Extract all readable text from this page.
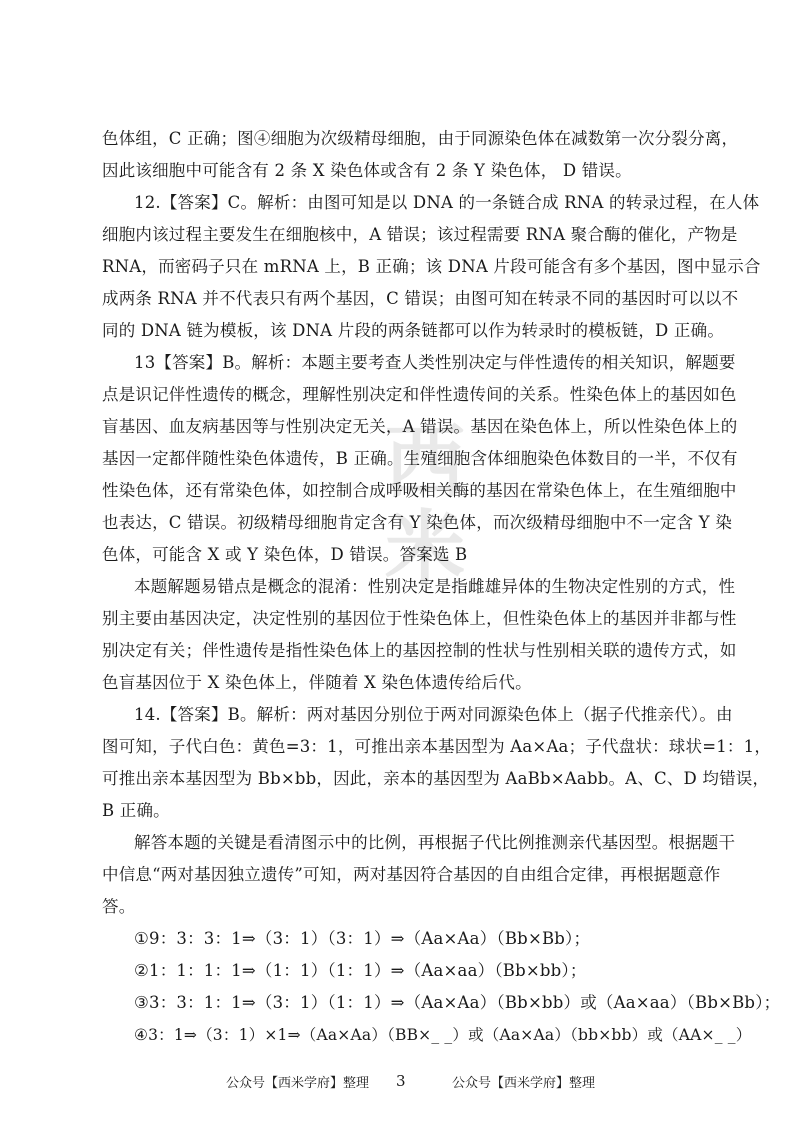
西
米
色体组，C 正确；图④细胞为次级精母细胞，由于同源染色体在减数第一次分裂分离，
因此该细胞中可能含有 2 条 X 染色体或含有 2 条 Y 染色体， D 错误。
12.【答案】C。解析：由图可知是以 DNA 的一条链合成 RNA 的转录过程，在人体
细胞内该过程主要发生在细胞核中，A 错误；该过程需要 RNA 聚合酶的催化，产物是
RNA，而密码子只在 mRNA 上，B 正确；该 DNA 片段可能含有多个基因，图中显示合
成两条 RNA 并不代表只有两个基因，C 错误；由图可知在转录不同的基因时可以以不
同的 DNA 链为模板，该 DNA 片段的两条链都可以作为转录时的模板链，D 正确。
13【答案】B。解析：本题主要考查人类性别决定与伴性遗传的相关知识，解题要
点是识记伴性遗传的概念，理解性别决定和伴性遗传间的关系。性染色体上的基因如色
盲基因、血友病基因等与性别决定无关，A 错误。基因在染色体上，所以性染色体上的
基因一定都伴随性染色体遗传，B 正确。生殖细胞含体细胞染色体数目的一半，不仅有
性染色体，还有常染色体，如控制合成呼吸相关酶的基因在常染色体上，在生殖细胞中
也表达，C 错误。初级精母细胞肯定含有 Y 染色体，而次级精母细胞中不一定含 Y 染
色体，可能含 X 或 Y 染色体，D 错误。答案选 B
本题解题易错点是概念的混淆：性别决定是指雌雄异体的生物决定性别的方式，性
别主要由基因决定，决定性别的基因位于性染色体上，但性染色体上的基因并非都与性
别决定有关；伴性遗传是指性染色体上的基因控制的性状与性别相关联的遗传方式，如
色盲基因位于 X 染色体上，伴随着 X 染色体遗传给后代。
14.【答案】B。解析：两对基因分别位于两对同源染色体上（据子代推亲代）。由
图可知，子代白色：黄色=3：1，可推出亲本基因型为 Aa×Aa；子代盘状：球状=1：1，
可推出亲本基因型为 Bb×bb，因此，亲本的基因型为 AaBb×Aabb。A、C、D 均错误，
B 正确。
解答本题的关键是看清图示中的比例，再根据子代比例推测亲代基因型。根据题干
中信息“两对基因独立遗传”可知，两对基因符合基因的自由组合定律，再根据题意作
答。
①9：3：3：1⇒（3：1）（3：1）⇒（Aa×Aa）（Bb×Bb）；
②1：1：1：1⇒（1：1）（1：1）⇒（Aa×aa）（Bb×bb）；
③3：3：1：1⇒（3：1）（1：1）⇒（Aa×Aa）（Bb×bb）或（Aa×aa）（Bb×Bb）；
④3：1⇒（3：1）×1⇒（Aa×Aa）（BB×_ _）或（Aa×Aa）（bb×bb）或（AA×_ _）
公众号【西米学府】整理 3	公众号【西米学府】整理
